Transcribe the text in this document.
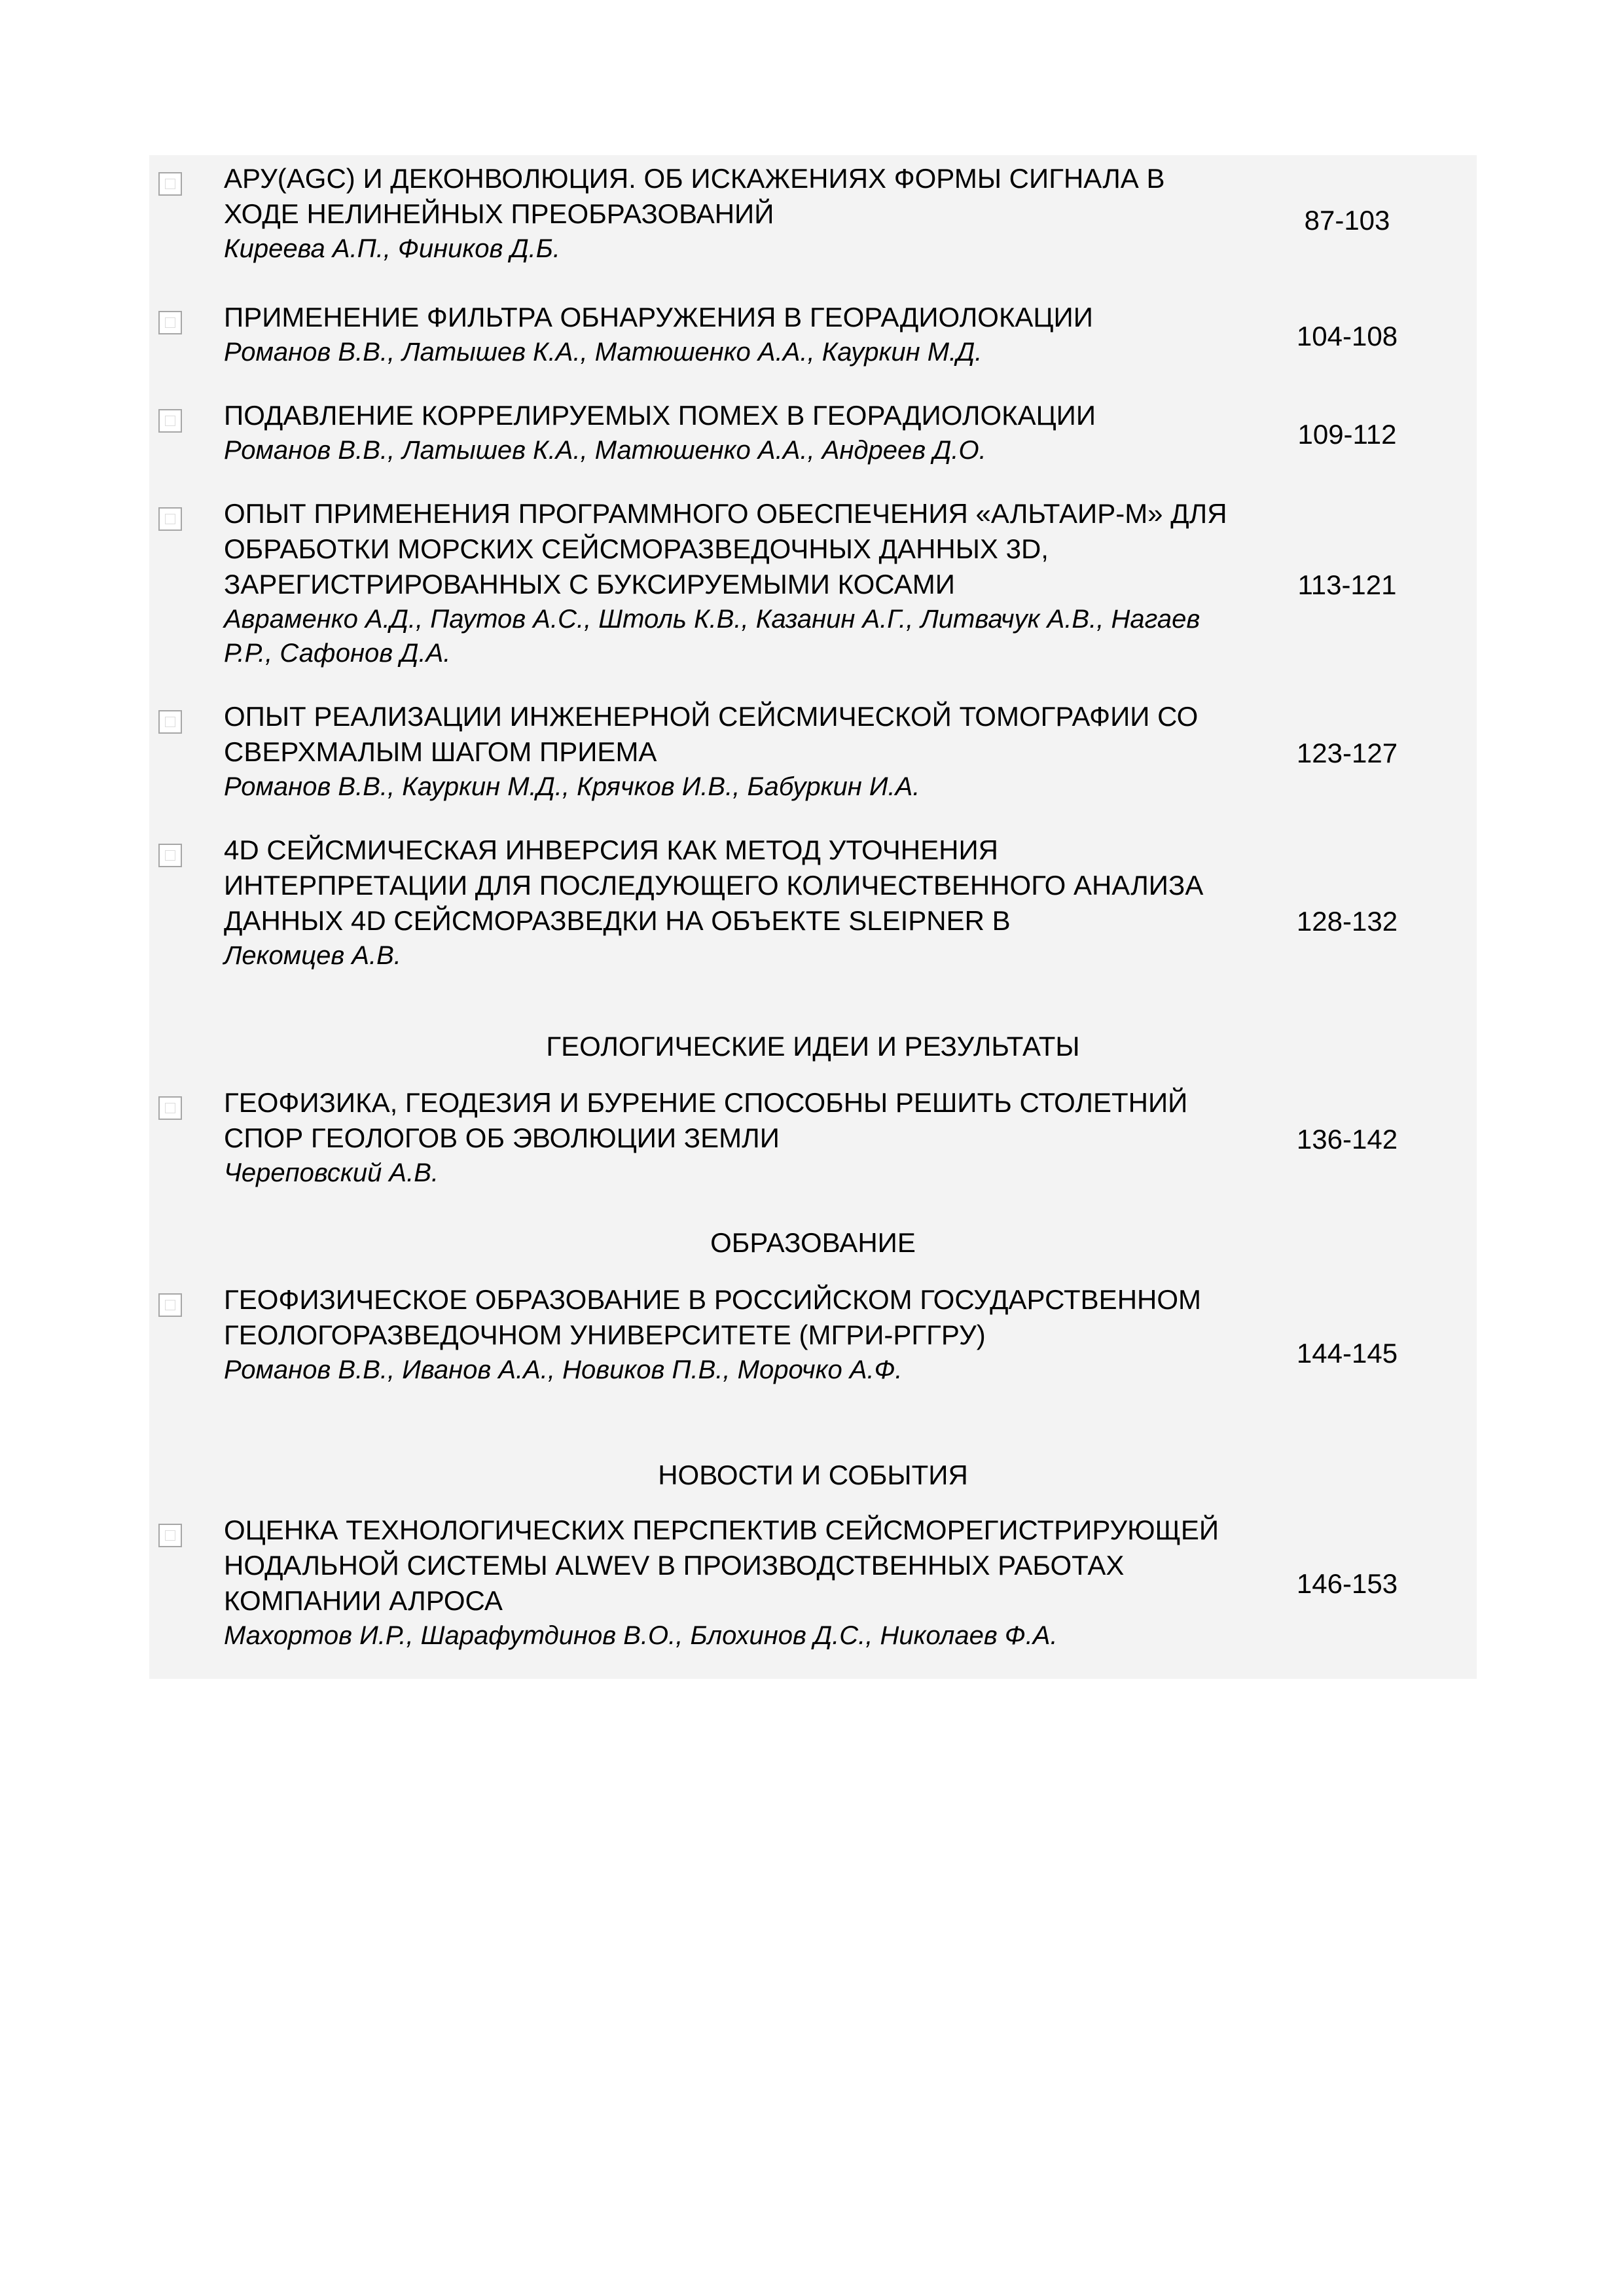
АРУ(AGC) И ДЕКОНВОЛЮЦИЯ. ОБ ИСКАЖЕНИЯХ ФОРМЫ СИГНАЛА В ХОДЕ НЕЛИНЕЙНЫХ ПРЕОБРАЗОВАНИЙ
Киреева А.П., Фиников Д.Б.
87-103
ПРИМЕНЕНИЕ ФИЛЬТРА ОБНАРУЖЕНИЯ В ГЕОРАДИОЛОКАЦИИ
Романов В.В., Латышев К.А., Матюшенко А.А., Кауркин М.Д.
104-108
ПОДАВЛЕНИЕ КОРРЕЛИРУЕМЫХ ПОМЕХ В ГЕОРАДИОЛОКАЦИИ
Романов В.В., Латышев К.А., Матюшенко А.А., Андреев Д.О.
109-112
ОПЫТ ПРИМЕНЕНИЯ ПРОГРАММНОГО ОБЕСПЕЧЕНИЯ «АЛЬТАИР-М» ДЛЯ ОБРАБОТКИ МОРСКИХ СЕЙСМОРАЗВЕДОЧНЫХ ДАННЫХ 3D, ЗАРЕГИСТРИРОВАННЫХ С БУКСИРУЕМЫМИ КОСАМИ
Авраменко А.Д., Паутов А.С., Штоль К.В., Казанин А.Г., Литвачук А.В., Нагаев Р.Р., Сафонов Д.А.
113-121
ОПЫТ РЕАЛИЗАЦИИ ИНЖЕНЕРНОЙ СЕЙСМИЧЕСКОЙ ТОМОГРАФИИ СО СВЕРХМАЛЫМ ШАГОМ ПРИЕМА
Романов В.В., Кауркин М.Д., Крячков И.В., Бабуркин И.А.
123-127
4D СЕЙСМИЧЕСКАЯ ИНВЕРСИЯ КАК МЕТОД УТОЧНЕНИЯ ИНТЕРПРЕТАЦИИ ДЛЯ ПОСЛЕДУЮЩЕГО КОЛИЧЕСТВЕННОГО АНАЛИЗА ДАННЫХ 4D СЕЙСМОРАЗВЕДКИ НА ОБЪЕКТЕ SLEIPNER B
Лекомцев А.В.
128-132
ГЕОЛОГИЧЕСКИЕ ИДЕИ И РЕЗУЛЬТАТЫ
ГЕОФИЗИКА, ГЕОДЕЗИЯ И БУРЕНИЕ СПОСОБНЫ РЕШИТЬ СТОЛЕТНИЙ СПОР ГЕОЛОГОВ ОБ ЭВОЛЮЦИИ ЗЕМЛИ
Череповский А.В.
136-142
ОБРАЗОВАНИЕ
ГЕОФИЗИЧЕСКОЕ ОБРАЗОВАНИЕ В РОССИЙСКОМ ГОСУДАРСТВЕННОМ ГЕОЛОГОРАЗВЕДОЧНОМ УНИВЕРСИТЕТЕ (МГРИ-РГГРУ)
Романов В.В., Иванов А.А., Новиков П.В., Морочко А.Ф.
144-145
НОВОСТИ И СОБЫТИЯ
ОЦЕНКА ТЕХНОЛОГИЧЕСКИХ ПЕРСПЕКТИВ СЕЙСМОРЕГИСТРИРУЮЩЕЙ НОДАЛЬНОЙ СИСТЕМЫ ALWEV В ПРОИЗВОДСТВЕННЫХ РАБОТАХ КОМПАНИИ АЛРОСА
Махортов И.Р., Шарафутдинов В.О., Блохинов Д.С., Николаев Ф.А.
146-153
